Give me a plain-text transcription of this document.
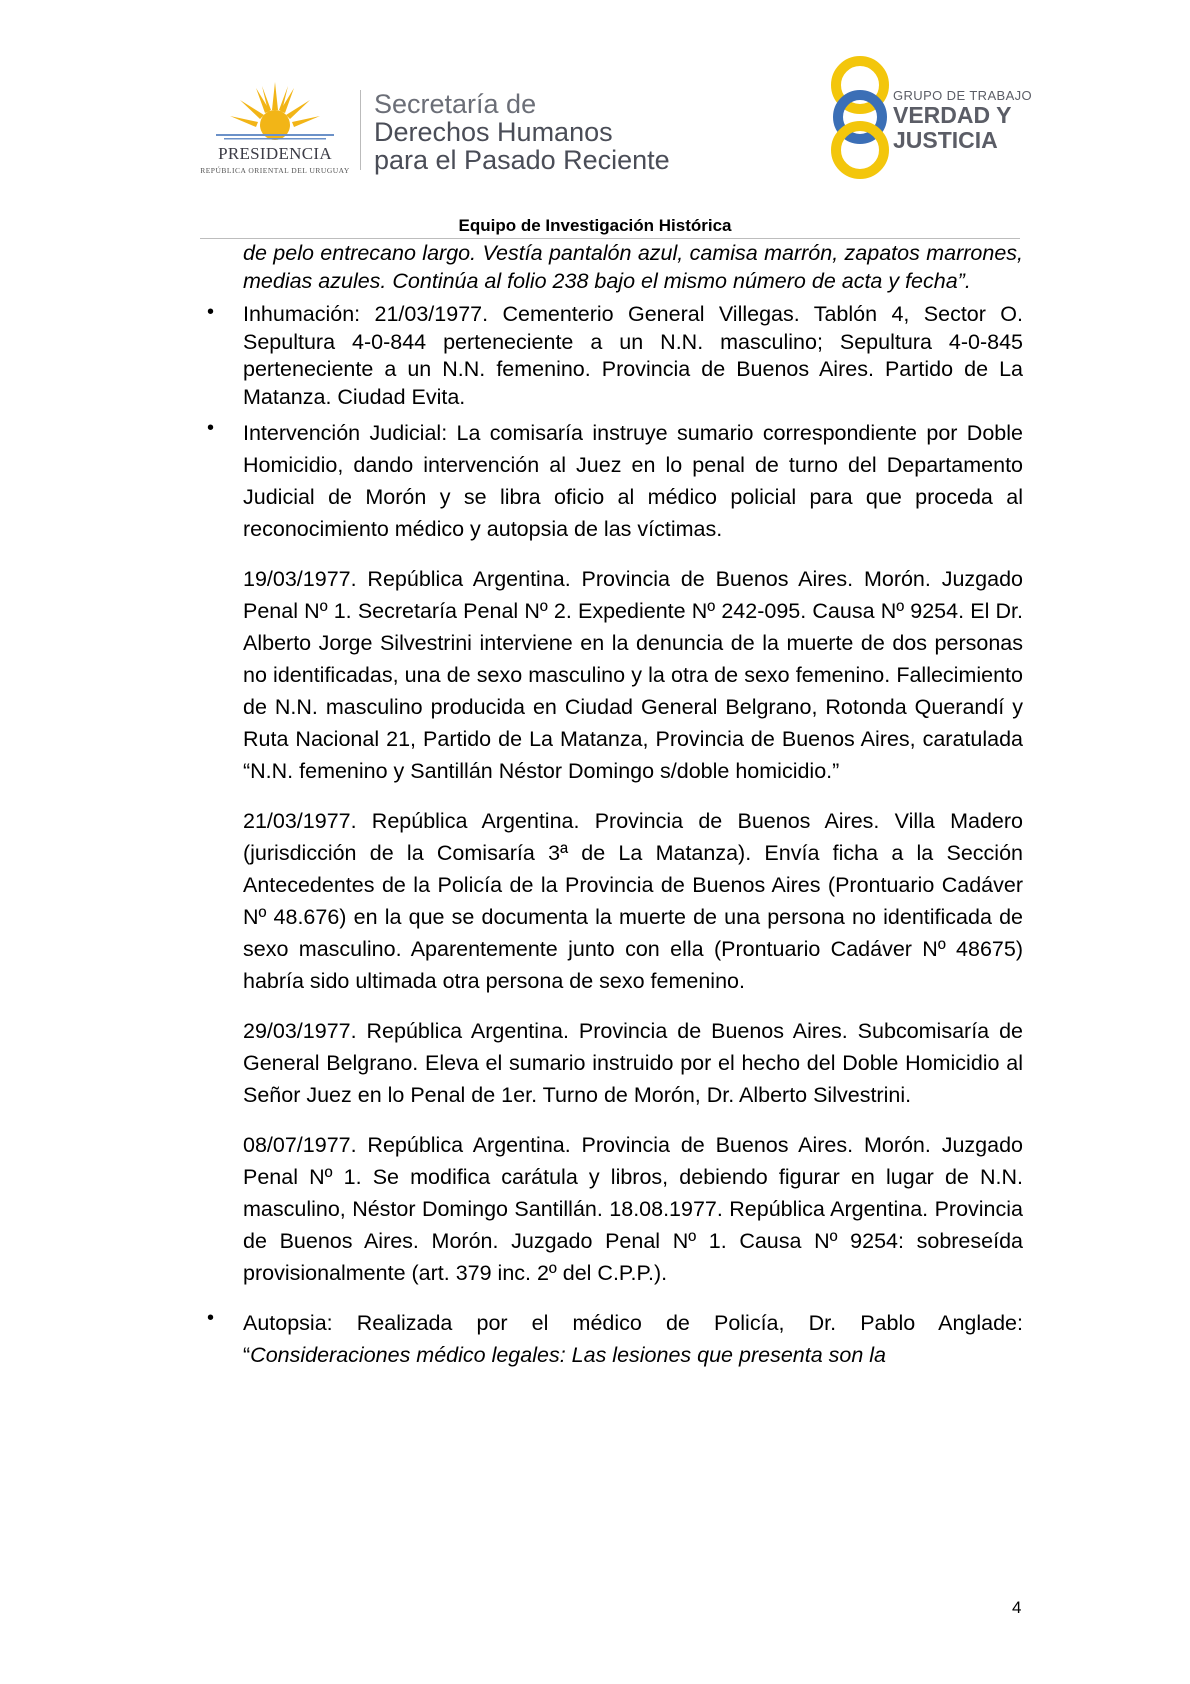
PRESIDENCIA
REPÚBLICA ORIENTAL DEL URUGUAY
Secretaría de
Derechos Humanos
para el Pasado Reciente
GRUPO DE TRABAJO
VERDAD Y
JUSTICIA
Equipo de Investigación Histórica

de pelo entrecano largo. Vestía pantalón azul, camisa marrón, zapatos marrones, medias azules. Continúa al folio 238 bajo el mismo número de acta y fecha”.

• Inhumación: 21/03/1977. Cementerio General Villegas. Tablón 4, Sector O. Sepultura 4-0-844 perteneciente a un N.N. masculino; Sepultura 4-0-845 perteneciente a un N.N. femenino. Provincia de Buenos Aires. Partido de La Matanza. Ciudad Evita.

• Intervención Judicial: La comisaría instruye sumario correspondiente por Doble Homicidio, dando intervención al Juez en lo penal de turno del Departamento Judicial de Morón y se libra oficio al médico policial para que proceda al reconocimiento médico y autopsia de las víctimas.

19/03/1977. República Argentina. Provincia de Buenos Aires. Morón. Juzgado Penal Nº 1. Secretaría Penal Nº 2. Expediente Nº 242-095. Causa Nº 9254. El Dr. Alberto Jorge Silvestrini interviene en la denuncia de la muerte de dos personas no identificadas, una de sexo masculino y la otra de sexo femenino. Fallecimiento de N.N. masculino producida en Ciudad General Belgrano, Rotonda Querandí y Ruta Nacional 21, Partido de La Matanza, Provincia de Buenos Aires, caratulada “N.N. femenino y Santillán Néstor Domingo s/doble homicidio.”

21/03/1977. República Argentina. Provincia de Buenos Aires. Villa Madero (jurisdicción de la Comisaría 3ª de La Matanza). Envía ficha a la Sección Antecedentes de la Policía de la Provincia de Buenos Aires (Prontuario Cadáver Nº 48.676) en la que se documenta la muerte de una persona no identificada de sexo masculino. Aparentemente junto con ella (Prontuario Cadáver Nº 48675) habría sido ultimada otra persona de sexo femenino.

29/03/1977. República Argentina. Provincia de Buenos Aires. Subcomisaría de General Belgrano. Eleva el sumario instruido por el hecho del Doble Homicidio al Señor Juez en lo Penal de 1er. Turno de Morón, Dr. Alberto Silvestrini.

08/07/1977. República Argentina. Provincia de Buenos Aires. Morón. Juzgado Penal Nº 1. Se modifica carátula y libros, debiendo figurar en lugar de N.N. masculino, Néstor Domingo Santillán. 18.08.1977. República Argentina. Provincia de Buenos Aires. Morón. Juzgado Penal Nº 1. Causa Nº 9254: sobreseída provisionalmente (art. 379 inc. 2º del C.P.P.).

• Autopsia: Realizada por el médico de Policía, Dr. Pablo Anglade: “Consideraciones médico legales: Las lesiones que presenta son la

4
